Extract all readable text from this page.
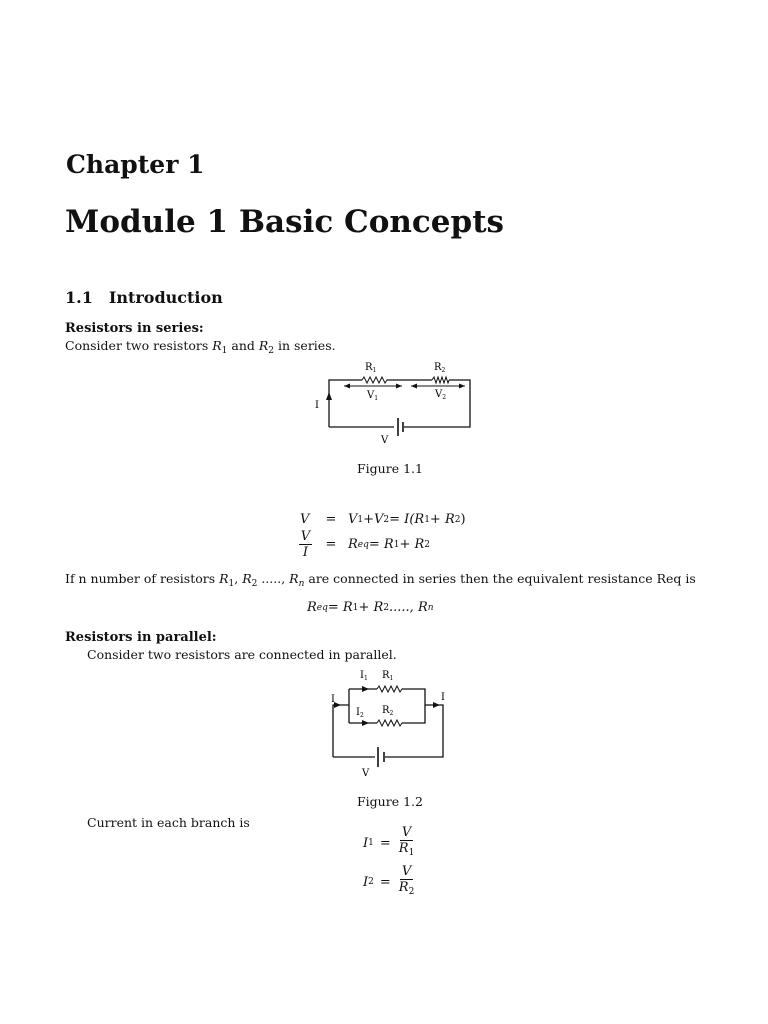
Chapter 1
Module 1 Basic Concepts
1.1 Introduction
Resistors in series:
Consider two resistors $R_1$ and $R_2$ in series.
$R_1$	$R_2$
$V_1$	$V_2$
I
V
Figure 1.1
V	= V 1 + V 2 = I(R 1 + R 2 )
$\frac{V}{I} = R$ eq = R 1 + R 2
If n number of resistors $R_1$, $R_2$ ....., $R_n$ are connected in series then the equivalent resistance Req is
R eq = R 1 + R 2 ....., R n
Resistors in parallel:
Consider two resistors are connected in parallel.
$I_1$ $R_1$
$I_2$ $R_2$
I	I
V
Figure 1.2
Current in each branch is
I $1 = \frac{V}{R_1}$
I $2 = \frac{V}{R_2}$
